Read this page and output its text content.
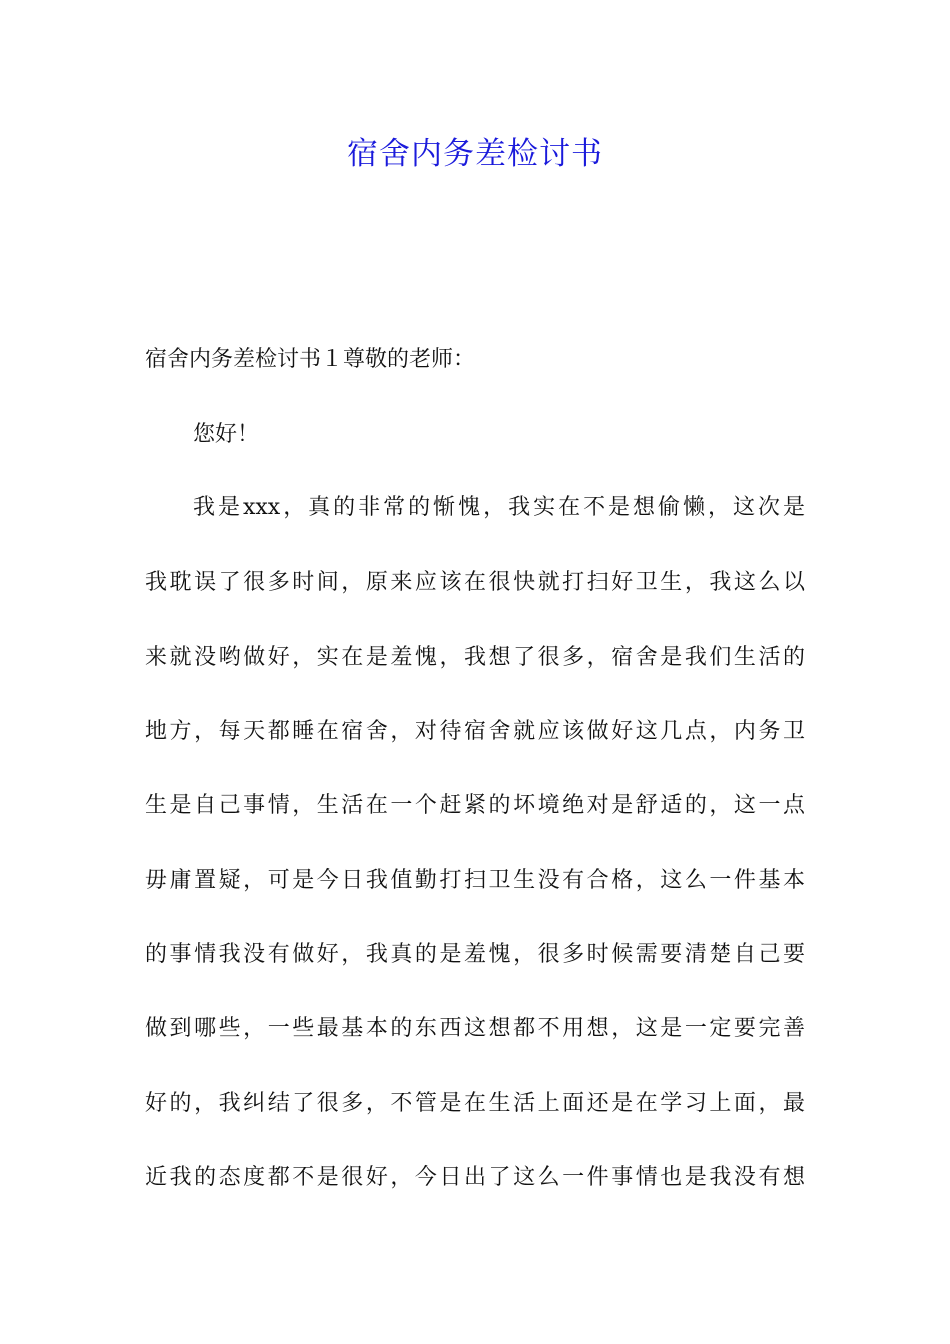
宿舍内务差检讨书

宿舍内务差检讨书１尊敬的老师：

您好！

我是xxx，真的非常的惭愧，我实在不是想偷懒，这次是

我耽误了很多时间，原来应该在很快就打扫好卫生，我这么以

来就没哟做好，实在是羞愧，我想了很多，宿舍是我们生活的

地方，每天都睡在宿舍，对待宿舍就应该做好这几点，内务卫

生是自己事情，生活在一个赶紧的坏境绝对是舒适的，这一点

毋庸置疑，可是今日我值勤打扫卫生没有合格，这么一件基本

的事情我没有做好，我真的是羞愧，很多时候需要清楚自己要

做到哪些，一些最基本的东西这想都不用想，这是一定要完善

好的，我纠结了很多，不管是在生活上面还是在学习上面，最

近我的态度都不是很好，今日出了这么一件事情也是我没有想
